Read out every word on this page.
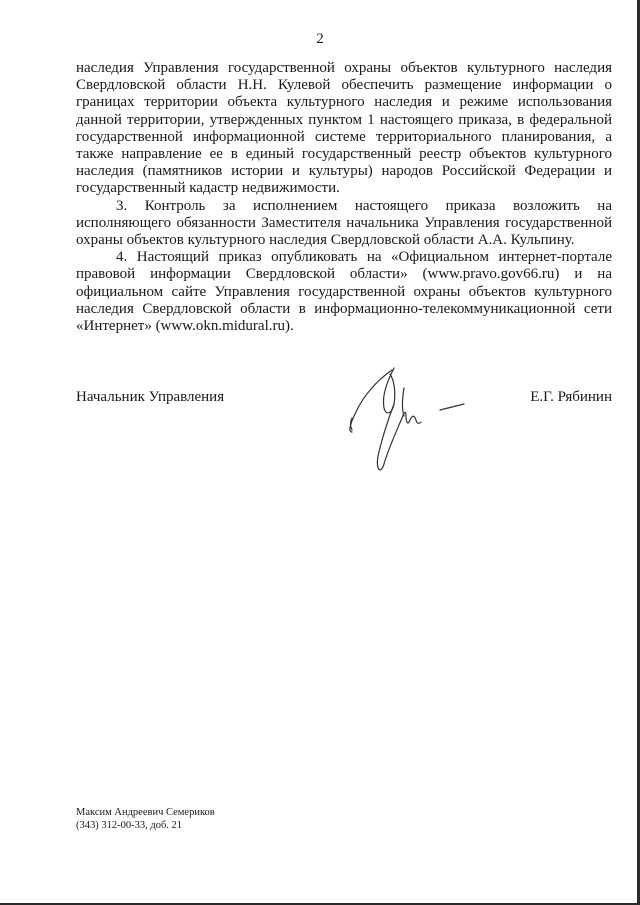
2

наследия Управления государственной охраны объектов культурного наследия Свердловской области Н.Н. Кулевой обеспечить размещение информации о границах территории объекта культурного наследия и режиме использования данной территории, утвержденных пунктом 1 настоящего приказа, в федеральной государственной информационной системе территориального планирования, а также направление ее в единый государственный реестр объектов культурного наследия (памятников истории и культуры) народов Российской Федерации и государственный кадастр недвижимости.

3. Контроль за исполнением настоящего приказа возложить на исполняющего обязанности Заместителя начальника Управления государственной охраны объектов культурного наследия Свердловской области А.А. Кульпину.

4. Настоящий приказ опубликовать на «Официальном интернет-портале правовой информации Свердловской области» (www.pravo.gov66.ru) и на официальном сайте Управления государственной охраны объектов культурного наследия Свердловской области в информационно-телекоммуникационной сети «Интернет» (www.okn.midural.ru).

Начальник Управления	Е.Г. Рябинин
Максим Андреевич Семериков
(343) 312-00-33, доб. 21
